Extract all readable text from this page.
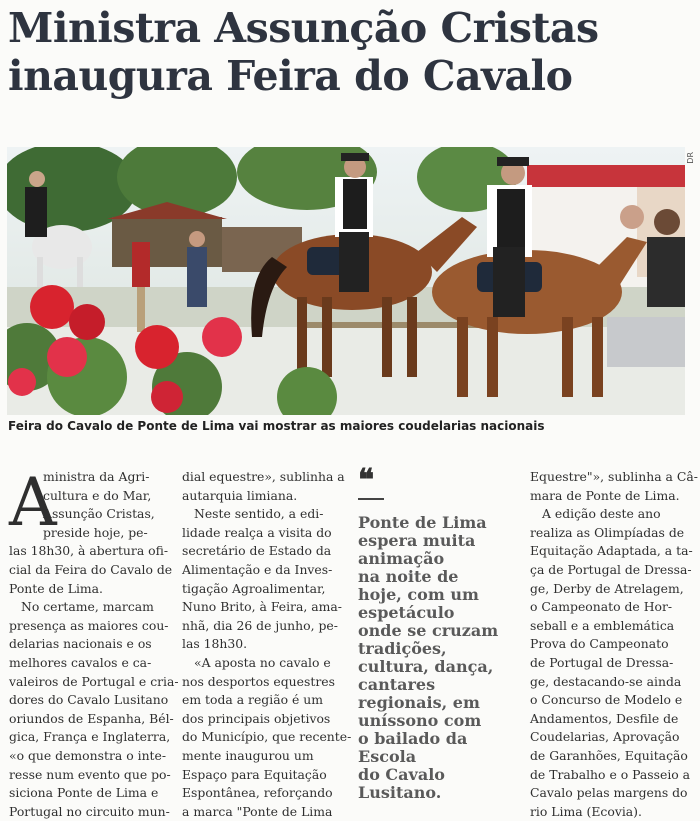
Ministra Assunção Cristas
inaugura Feira do Cavalo
DR
Feira do Cavalo de Ponte de Lima vai mostrar as maiores coudelarias nacionais
A
ministra da Agri-
cultura e do Mar,
Assunção Cristas,
preside hoje, pe-
las 18h30, à abertura ofi-
cial da Feira do Cavalo de
Ponte de Lima.
No certame, marcam
presença as maiores cou-
delarias nacionais e os
melhores cavalos e ca-
valeiros de Portugal e cria-
dores do Cavalo Lusitano
oriundos de Espanha, Bél-
gica, França e Inglaterra,
«o que demonstra o inte-
resse num evento que po-
siciona Ponte de Lima e
Portugal no circuito mun-
dial equestre», sublinha a
autarquia limiana.
Neste sentido, a edi-
lidade realça a visita do
secretário de Estado da
Alimentação e da Inves-
tigação Agroalimentar,
Nuno Brito, à Feira, ama-
nhã, dia 26 de junho, pe-
las 18h30.
«A aposta no cavalo e
nos desportos equestres
em toda a região é um
dos principais objetivos
do Município, que recente-
mente inaugurou um
Espaço para Equitação
Espontânea, reforçando
a marca "Ponte de Lima
❝
Ponte de Lima
espera muita
animação
na noite de
hoje, com um
espetáculo
onde se cruzam
tradições,
cultura, dança,
cantares
regionais, em
uníssono com
o bailado da
Escola
do Cavalo
Lusitano.
Equestre"», sublinha a Câ-
mara de Ponte de Lima.
A edição deste ano
realiza as Olimpíadas de
Equitação Adaptada, a ta-
ça de Portugal de Dressa-
ge, Derby de Atrelagem,
o Campeonato de Hor-
seball e a emblemática
Prova do Campeonato
de Portugal de Dressa-
ge, destacando-se ainda
o Concurso de Modelo e
Andamentos, Desfile de
Coudelarias, Aprovação
de Garanhões, Equitação
de Trabalho e o Passeio a
Cavalo pelas margens do
rio Lima (Ecovia).
